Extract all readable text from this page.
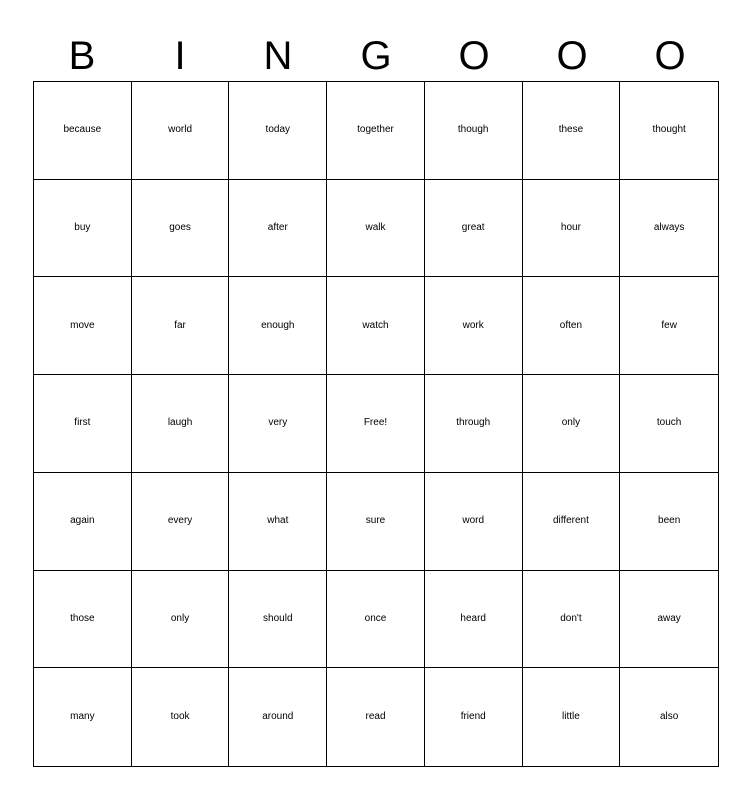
B	I	N	G	O	O	O
because	world	today	together	though	these	thought
buy	goes	after	walk	great	hour	always
move	far	enough	watch	work	often	few
first	laugh	very	Free!	through	only	touch
again	every	what	sure	word	different	been
those	only	should	once	heard	don't	away
many	took	around	read	friend	little	also
